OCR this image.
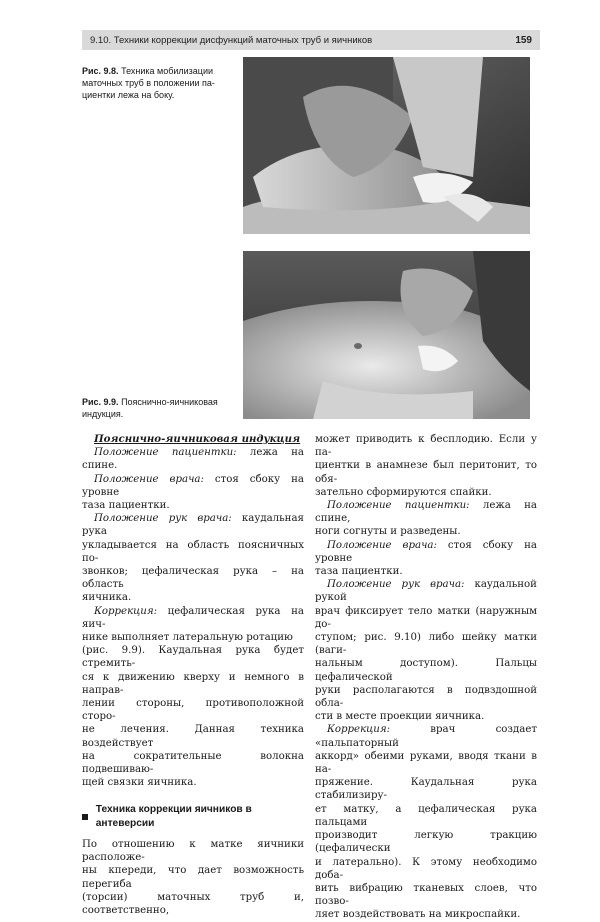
9.10. Техники коррекции дисфункций маточных труб и яичников	159
Рис. 9.8. Техника мобилизации
маточных труб в положении па-
циентки лежа на боку.
Рис. 9.9. Пояснично-яичниковая
индукция.

Пояснично-яичниковая индукция

Положение пациентки: лежа на спине.

Положение врача: стоя сбоку на уровне

таза пациентки.

Положение рук врача: каудальная рука

укладывается на область поясничных по-

звонков; цефалическая рука – на область

яичника.

Коррекция: цефалическая рука на яич-

нике выполняет латеральную ротацию

(рис. 9.9). Каудальная рука будет стремить-

ся к движению кверху и немного в направ-

лении стороны, противоположной сторо-

не лечения. Данная техника воздействует

на сократительные волокна подвешиваю-

щей связки яичника.

Техника коррекции яичников в антеверсии

По отношению к матке яичники расположе-

ны кпереди, что дает возможность перегиба

(торсии) маточных труб и, соответственно,

может приводить к бесплодию. Если у па-

циентки в анамнезе был перитонит, то обя-

зательно сформируются спайки.

Положение пациентки: лежа на спине,

ноги согнуты и разведены.

Положение врача: стоя сбоку на уровне

таза пациентки.

Положение рук врача: каудальной рукой

врач фиксирует тело матки (наружным до-

ступом; рис. 9.10) либо шейку матки (ваги-

нальным доступом). Пальцы цефалической

руки располагаются в подвздошной обла-

сти в месте проекции яичника.

Коррекция: врач создает «пальпаторный

аккорд» обеими руками, вводя ткани в на-

пряжение. Каудальная рука стабилизиру-

ет матку, а цефалическая рука пальцами

производит легкую тракцию (цефалически

и латерально). К этому необходимо доба-

вить вибрацию тканевых слоев, что позво-

ляет воздействовать на микроспайки.
